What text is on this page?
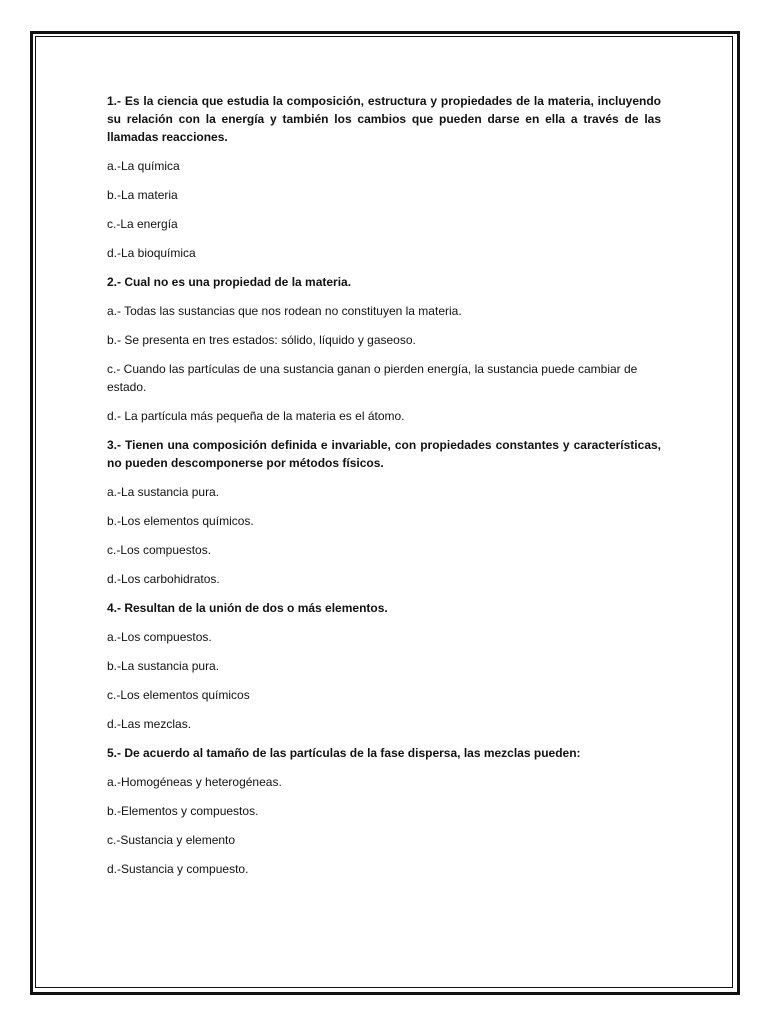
1.- Es la ciencia que estudia la composición, estructura y propiedades de la materia, incluyendo su relación con la energía y también los cambios que pueden darse en ella a través de las llamadas reacciones.

a.-La química

b.-La materia

c.-La energía

d.-La bioquímica

2.- Cual no es una propiedad de la materia.

a.- Todas las sustancias que nos rodean no constituyen la materia.

b.- Se presenta en tres estados: sólido, líquido y gaseoso.

c.- Cuando las partículas de una sustancia ganan o pierden energía, la sustancia puede cambiar de estado.

d.- La partícula más pequeña de la materia es el átomo.

3.- Tienen una composición definida e invariable, con propiedades constantes y características, no pueden descomponerse por métodos físicos.

a.-La sustancia pura.

b.-Los elementos químicos.

c.-Los compuestos.

d.-Los carbohidratos.

4.- Resultan de la unión de dos o más elementos.

a.-Los compuestos.

b.-La sustancia pura.

c.-Los elementos químicos

d.-Las mezclas.

5.- De acuerdo al tamaño de las partículas de la fase dispersa, las mezclas pueden:

a.-Homogéneas y heterogéneas.

b.-Elementos y compuestos.

c.-Sustancia y elemento

d.-Sustancia y compuesto.
